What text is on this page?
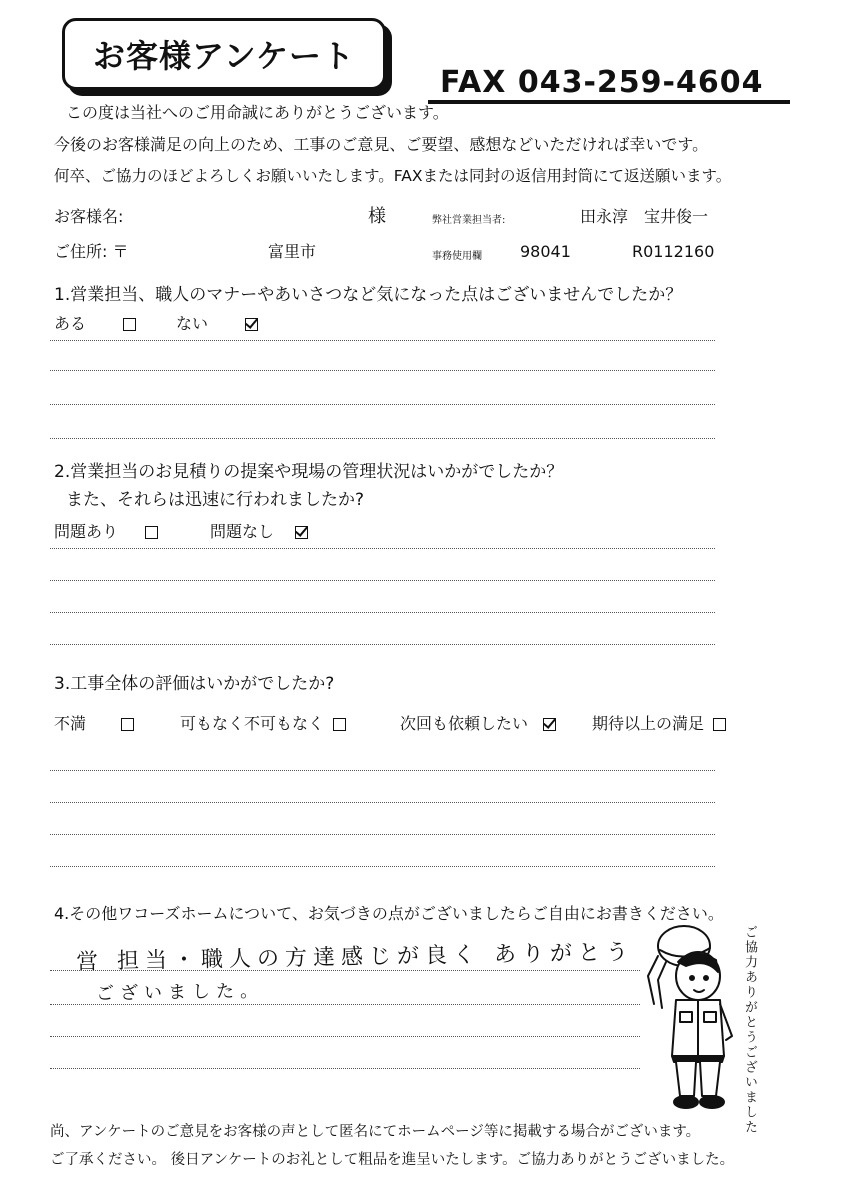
お客様アンケート
FAX 043-259-4604
この度は当社へのご用命誠にありがとうございます。
今後のお客様満足の向上のため、工事のご意見、ご要望、感想などいただければ幸いです。
何卒、ご協力のほどよろしくお願いいたします。FAXまたは同封の返信用封筒にて返送願います。
お客様名:	様	弊社営業担当者:	田永淳　宝井俊一
ご住所: 〒	富里市	事務使用欄 98041	R0112160
1.営業担当、職人のマナーやあいさつなど気になった点はございませんでしたか？
ある	ない
2.営業担当のお見積りの提案や現場の管理状況はいかがでしたか？
また、それらは迅速に行われましたか?
問題あり	問題なし
3.工事全体の評価はいかがでしたか?
不満	可もなく不可もなく	次回も依頼したい	期待以上の満足
4.その他ワコーズホームについて、お気づきの点がございましたらご自由にお書きください。
営 担当・職人の方達感じが良く ありがとう
ございました。	ご協力ありがとうございました
尚、アンケートのご意見をお客様の声として匿名にてホームページ等に掲載する場合がございます。
ご了承ください。 後日アンケートのお礼として粗品を進呈いたします。ご協力ありがとうございました。
